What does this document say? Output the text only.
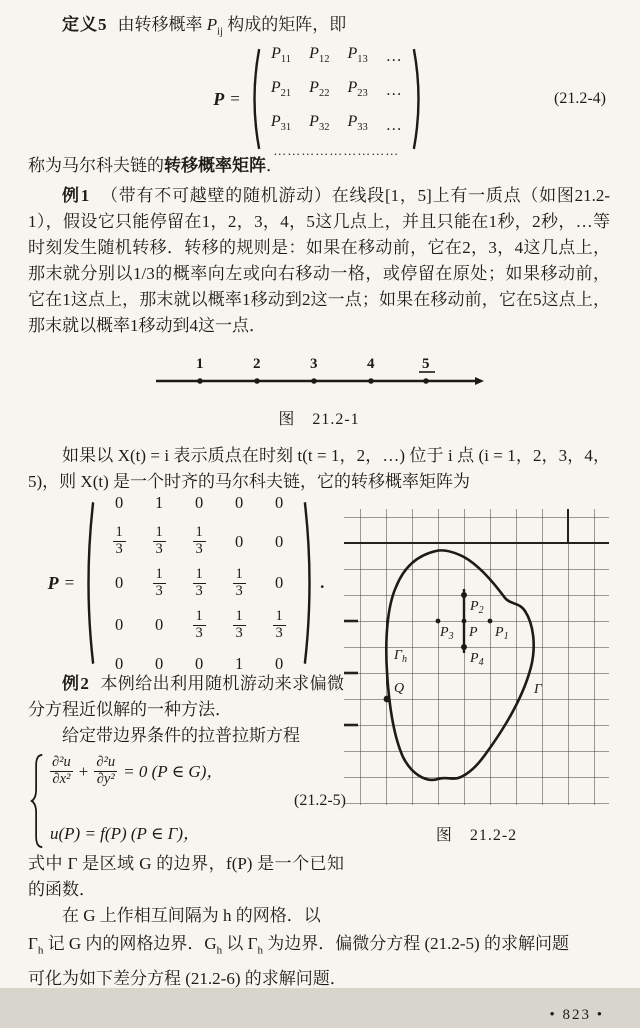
定义5 由转移概率 $P_{ij}$ 构成的矩阵，即

P =
$P_{11}$ $P_{12}$ $P_{13}$ …
$P_{21}$ $P_{22}$ $P_{23}$ …
$P_{31}$ $P_{32}$ $P_{33}$ …
………………………
(21.2-4)

称为马尔科夫链的转移概率矩阵．

例1 （带有不可越壁的随机游动）在线段[1，5]上有一质点（如图21.2-1），假设它只能停留在1，2，3，4，5这几点上，并且只能在1秒，2秒，…等时刻发生随机转移．转移的规则是：如果在移动前，它在2，3，4这几点上，那末就分别以1/3的概率向左或向右移动一格，或停留在原处；如果移动前，它在1这点上，那末就以概率1移动到2这一点；如果在移动前，它在5这点上，那末就以概率1移动到4这一点．

1	2	3	4	5
图　21.2-1

如果以 X(t) = i 表示质点在时刻 t(t = 1，2，…) 位于 i 点 (i = 1，2，3，4，5)，则 X(t) 是一个时齐的马尔科夫链，它的转移概率矩阵为

P =
0 1 0 0 0
$\frac{1}{3} \frac{1}{3} \frac{1}{3} 0$ 0
$0 \frac{1}{3} \frac{1}{3} \frac{1}{3} 0$
0 $0 \frac{1}{3} \frac{1}{3} \frac{1}{3}$
0 0 0 1 0
.

例2 本例给出利用随机游动来求偏微分方程近似解的一种方法．

给定带边界条件的拉普拉斯方程

$\frac{\text{∂²u}}{\text{∂x²}} + \frac{\text{∂²u}}{\text{∂y²}} = 0$ (P ∈ G)，
u(P) = f(P) (P ∈ Γ)，
(21.2-5)

式中 Γ 是区域 G 的边界，f(P) 是一个已知的函数．

在 G 上作相互间隔为 h 的网格．以

$P_2$
$P_3$ P $P_1$
$P_4$
$\Gamma_h$
Q	Γ
图　21.2-2

$\Gamma_h$ 记 G 内的网格边界．$G_h$ 以 $\Gamma_h$ 为边界．偏微分方程 (21.2-5) 的求解问题

可化为如下差分方程 (21.2-6) 的求解问题．

• 823 •
